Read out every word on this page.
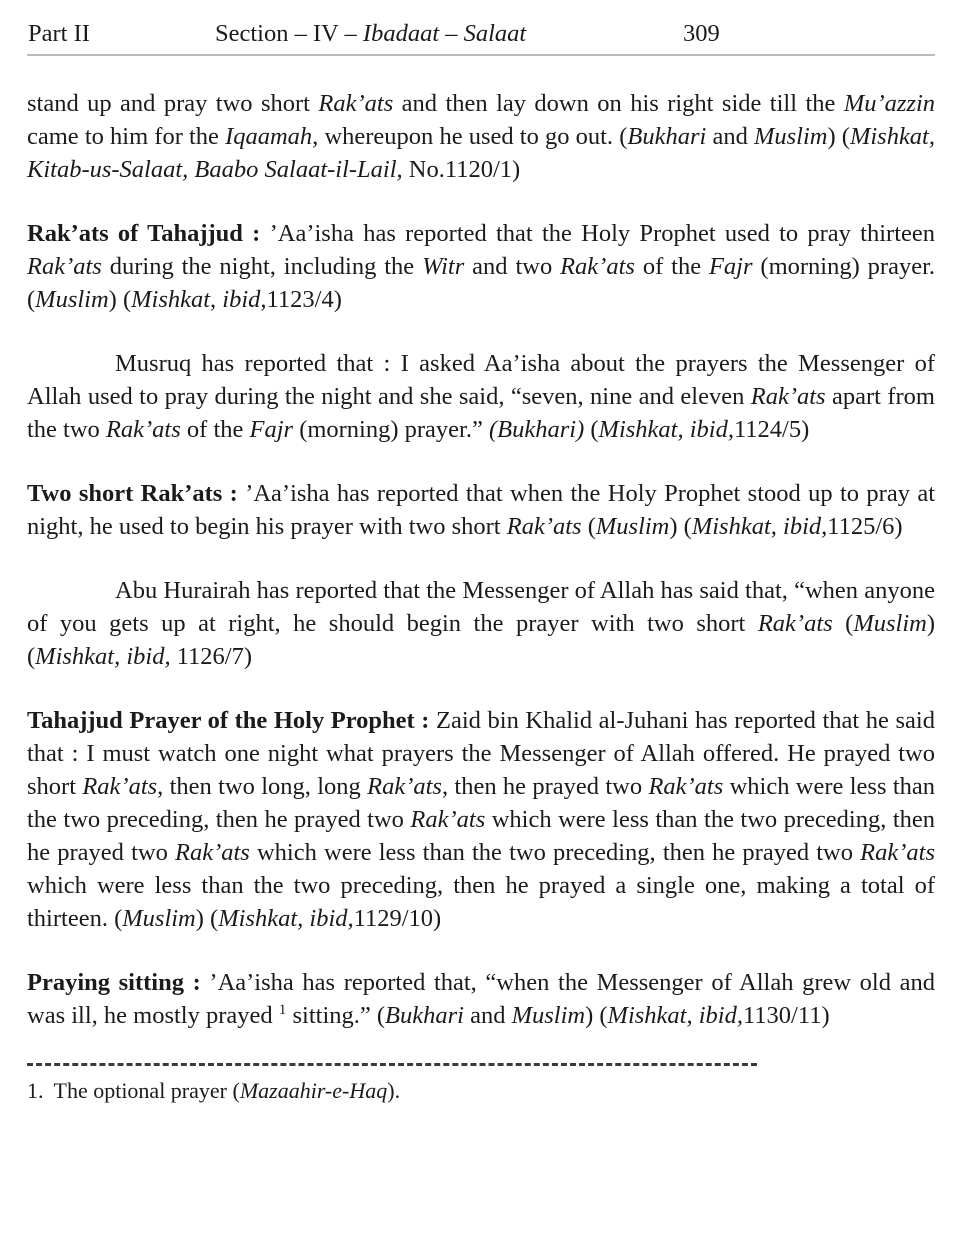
Part II	Section – IV – Ibadaat – Salaat	309

stand up and pray two short Rak’ats and then lay down on his right side till the Mu’azzin came to him for the Iqaamah, whereupon he used to go out. (Bukhari and Muslim) (Mishkat, Kitab-us-Salaat, Baabo Salaat-il-Lail, No.1120/1)

Rak’ats of Tahajjud : ’Aa’isha has reported that the Holy Prophet used to pray thirteen Rak’ats during the night, including the Witr and two Rak’ats of the Fajr (morning) prayer. (Muslim) (Mishkat, ibid,1123/4)

Musruq has reported that : I asked Aa’isha about the prayers the Messenger of Allah used to pray during the night and she said, “seven, nine and eleven Rak’ats apart from the two Rak’ats of the Fajr (morning) prayer.” (Bukhari) (Mishkat, ibid,1124/5)

Two short Rak’ats : ’Aa’isha has reported that when the Holy Prophet stood up to pray at night, he used to begin his prayer with two short Rak’ats (Muslim) (Mishkat, ibid,1125/6)

Abu Hurairah has reported that the Messenger of Allah has said that, “when anyone of you gets up at right, he should begin the prayer with two short Rak’ats (Muslim) (Mishkat, ibid, 1126/7)

Tahajjud Prayer of the Holy Prophet : Zaid bin Khalid al-Juhani has reported that he said that : I must watch one night what prayers the Messenger of Allah offered. He prayed two short Rak’ats, then two long, long Rak’ats, then he prayed two Rak’ats which were less than the two preceding, then he prayed two Rak’ats which were less than the two preceding, then he prayed two Rak’ats which were less than the two preceding, then he prayed two Rak’ats which were less than the two preceding, then he prayed a single one, making a total of thirteen. (Muslim) (Mishkat, ibid,1129/10)

Praying sitting : ’Aa’isha has reported that, “when the Messenger of Allah grew old and was ill, he mostly prayed $^1$ sitting.” (Bukhari and Muslim) (Mishkat, ibid,1130/11)

1. The optional prayer (Mazaahir-e-Haq).
